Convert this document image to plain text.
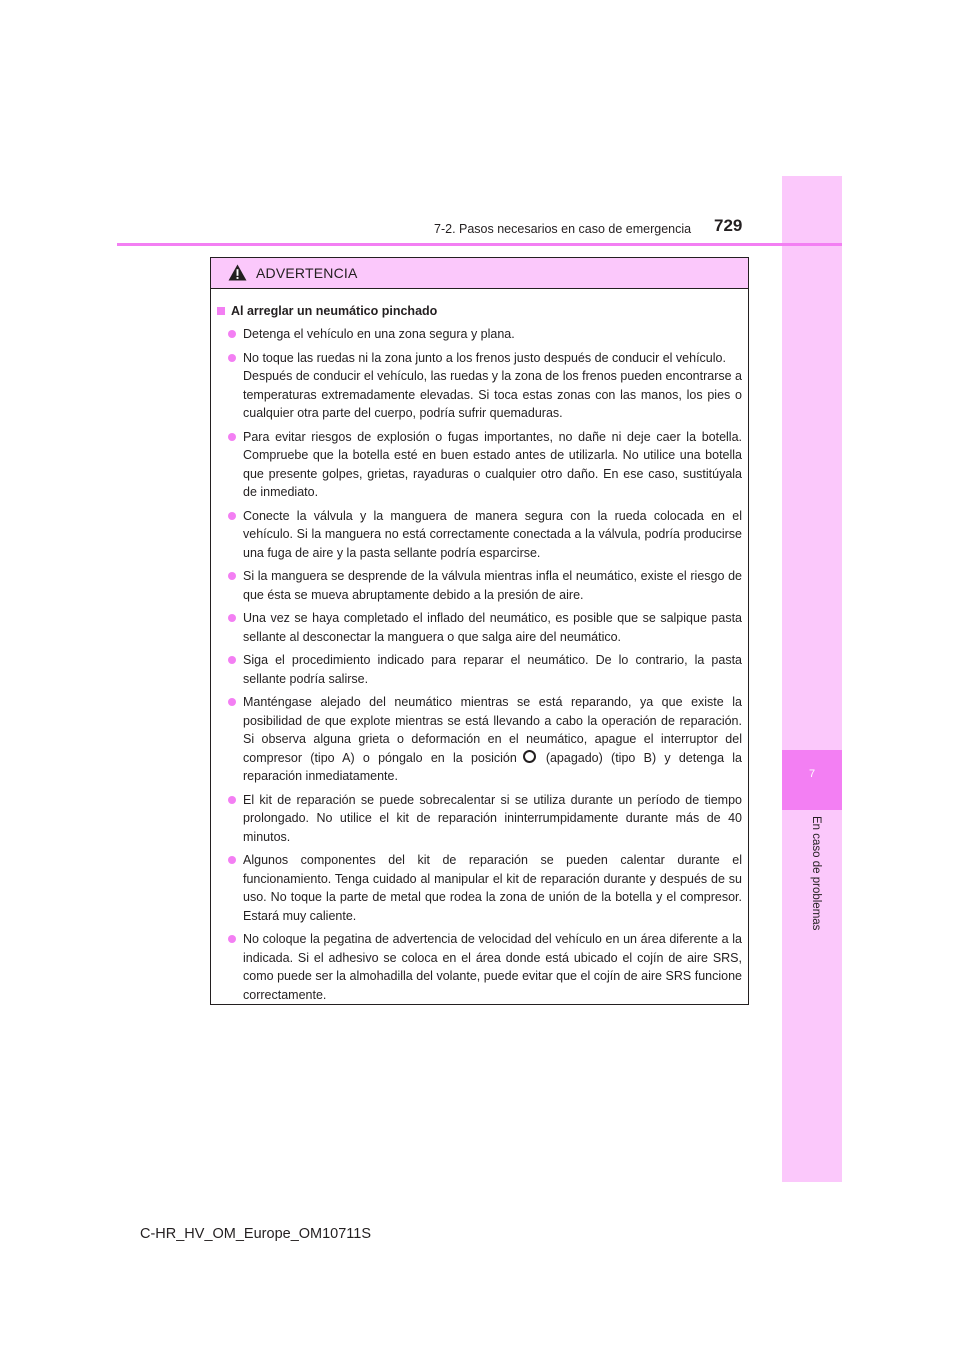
7
En caso de problemas
7-2. Pasos necesarios en caso de emergencia 729
ADVERTENCIA
Al arreglar un neumático pinchado
Detenga el vehículo en una zona segura y plana.
No toque las ruedas ni la zona junto a los frenos justo después de conducir el vehículo.
Después de conducir el vehículo, las ruedas y la zona de los frenos pueden encontrarse a temperaturas extremadamente elevadas. Si toca estas zonas con las manos, los pies o cualquier otra parte del cuerpo, podría sufrir quemaduras.
Para evitar riesgos de explosión o fugas importantes, no dañe ni deje caer la botella. Compruebe que la botella esté en buen estado antes de utilizarla. No utilice una botella que presente golpes, grietas, rayaduras o cualquier otro daño. En ese caso, sustitúyala de inmediato.
Conecte la válvula y la manguera de manera segura con la rueda colocada en el vehículo. Si la manguera no está correctamente conectada a la válvula, podría producirse una fuga de aire y la pasta sellante podría esparcirse.
Si la manguera se desprende de la válvula mientras infla el neumático, existe el riesgo de que ésta se mueva abruptamente debido a la presión de aire.
Una vez se haya completado el inflado del neumático, es posible que se salpique pasta sellante al desconectar la manguera o que salga aire del neumático.
Siga el procedimiento indicado para reparar el neumático. De lo contrario, la pasta sellante podría salirse.
Manténgase alejado del neumático mientras se está reparando, ya que existe la posibilidad de que explote mientras se está llevando a cabo la operación de reparación. Si observa alguna grieta o deformación en el neumático, apague el interruptor del compresor (tipo A) o póngalo en la posición (apagado) (tipo B) y detenga la reparación inmediatamente.
El kit de reparación se puede sobrecalentar si se utiliza durante un período de tiempo prolongado. No utilice el kit de reparación ininterrumpidamente durante más de 40 minutos.
Algunos componentes del kit de reparación se pueden calentar durante el funcionamiento. Tenga cuidado al manipular el kit de reparación durante y después de su uso. No toque la parte de metal que rodea la zona de unión de la botella y el compresor. Estará muy caliente.
No coloque la pegatina de advertencia de velocidad del vehículo en un área diferente a la indicada. Si el adhesivo se coloca en el área donde está ubicado el cojín de aire SRS, como puede ser la almohadilla del volante, puede evitar que el cojín de aire SRS funcione correctamente.
C-HR_HV_OM_Europe_OM10711S
